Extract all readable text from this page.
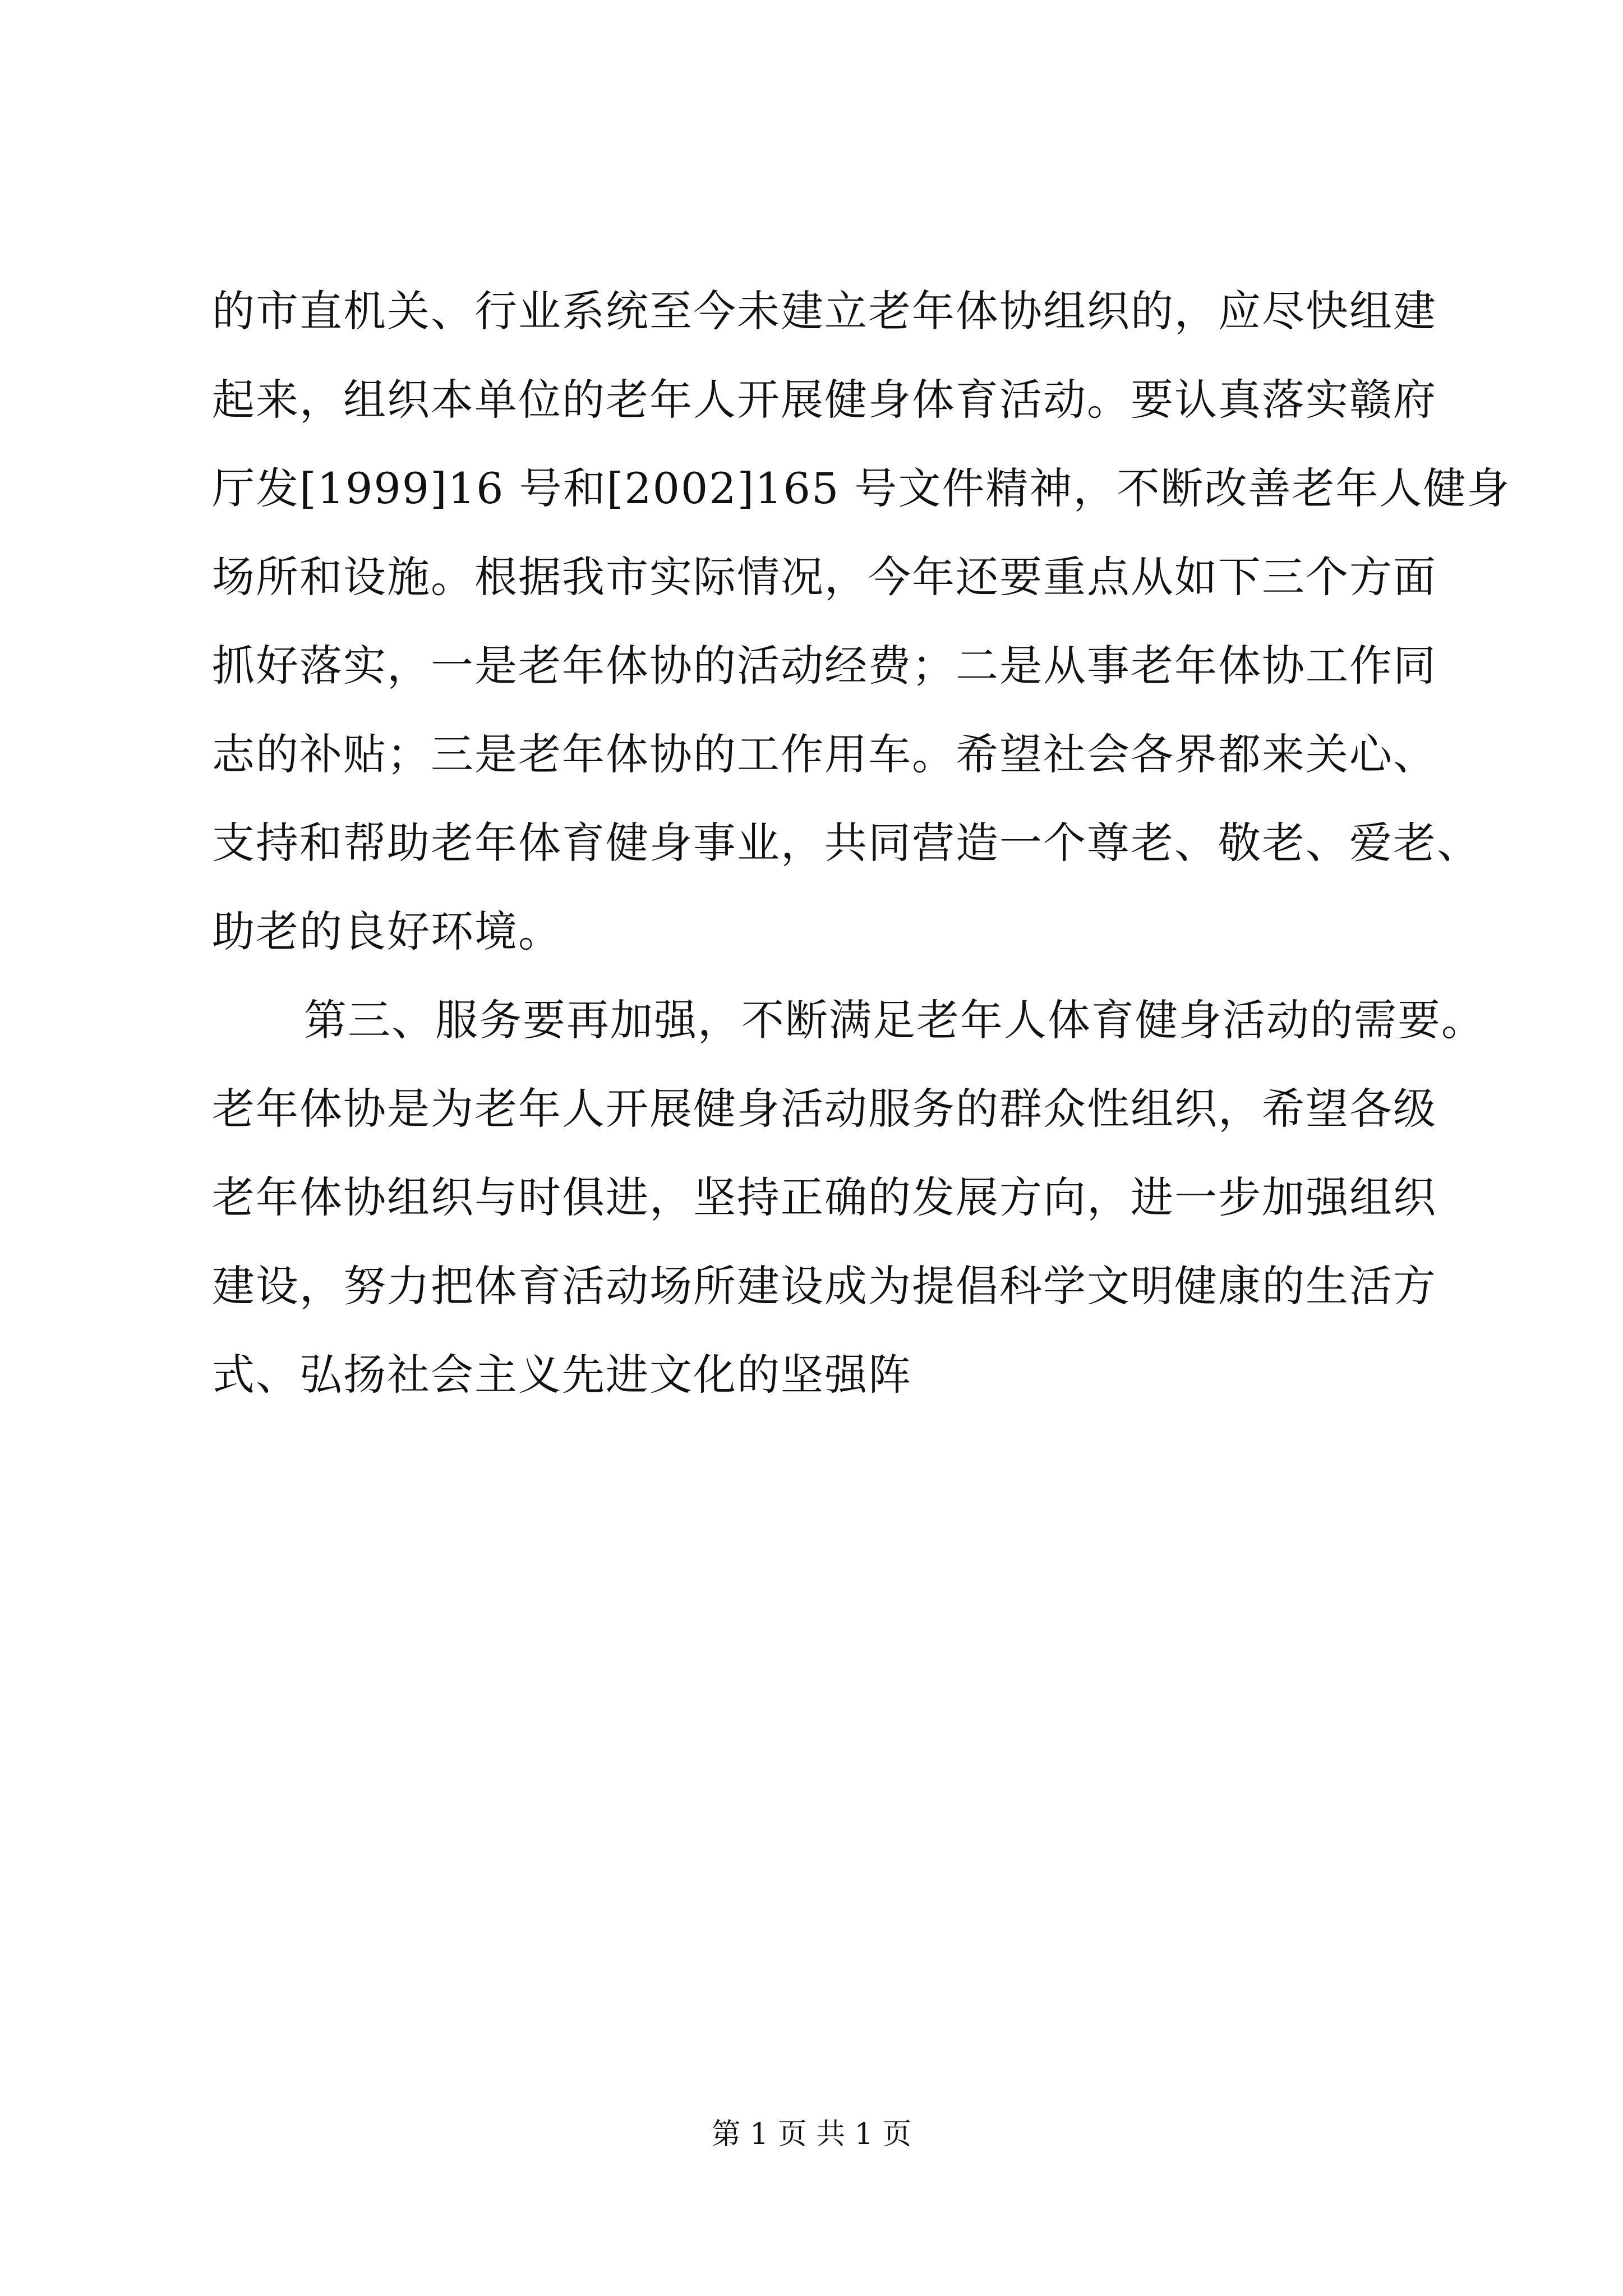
的市直机关、行业系统至今未建立老年体协组织的，应尽快组建
起来，组织本单位的老年人开展健身体育活动。要认真落实赣府
厅发[1999]16 号和[2002]165 号文件精神，不断改善老年人健身
场所和设施。根据我市实际情况，今年还要重点从如下三个方面
抓好落实，一是老年体协的活动经费；二是从事老年体协工作同
志的补贴；三是老年体协的工作用车。希望社会各界都来关心、
支持和帮助老年体育健身事业，共同营造一个尊老、敬老、爱老、
助老的良好环境。
第三、服务要再加强，不断满足老年人体育健身活动的需要。
老年体协是为老年人开展健身活动服务的群众性组织，希望各级
老年体协组织与时俱进，坚持正确的发展方向，进一步加强组织
建设，努力把体育活动场所建设成为提倡科学文明健康的生活方
式、弘扬社会主义先进文化的坚强阵
第 1 页 共 1 页
